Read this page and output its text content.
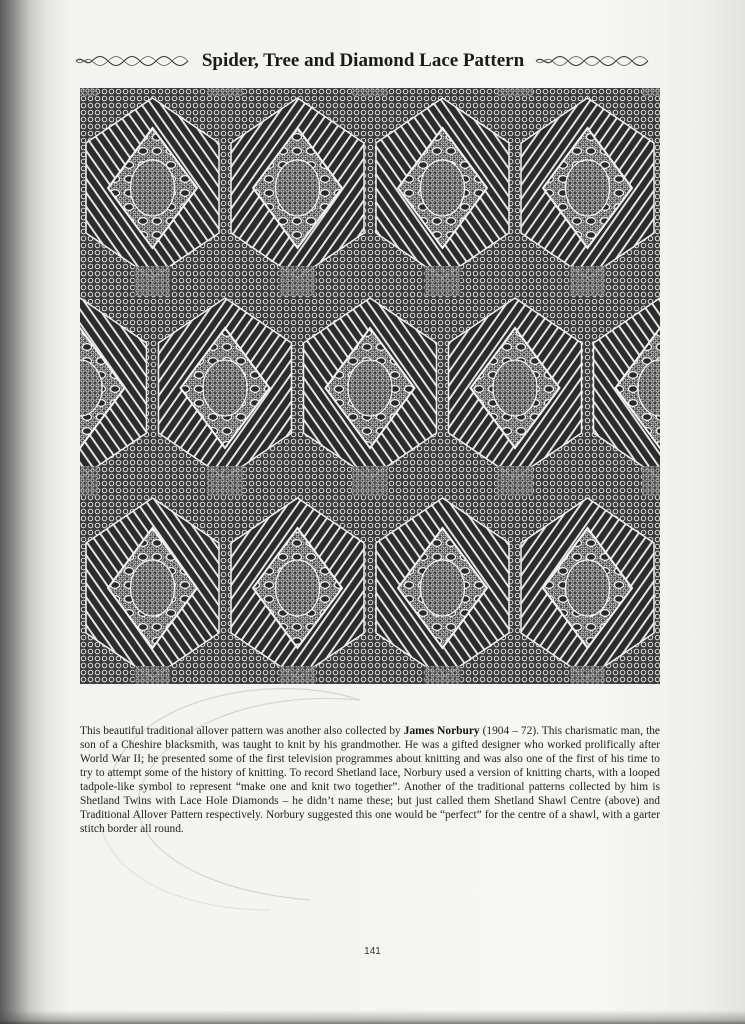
Spider, Tree and Diamond Lace Pattern

This beautiful traditional allover pattern was another also collected by James Norbury (1904 – 72). This charismatic man, the son of a Cheshire blacksmith, was taught to knit by his grandmother. He was a gifted designer who worked prolifically after World War II; he presented some of the first television programmes about knitting and was also one of the first of his time to try to attempt some of the history of knitting. To record Shetland lace, Norbury used a version of knitting charts, with a looped tadpole-like symbol to represent “make one and knit two together”. Another of the traditional patterns collected by him is Shetland Twins with Lace Hole Diamonds – he didn’t name these; but just called them Shetland Shawl Centre (above) and Traditional Allover Pattern respectively. Norbury suggested this one would be “perfect” for the centre of a shawl, with a garter stitch border all round.

141
